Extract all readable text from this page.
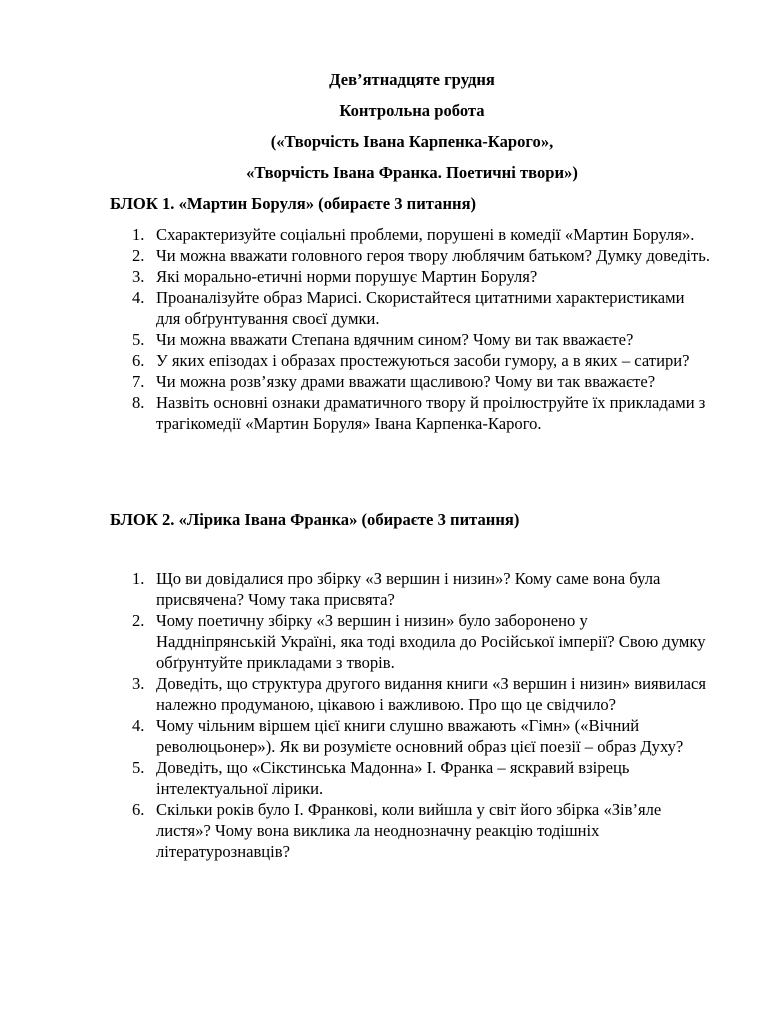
Дев’ятнадцяте грудня

Контрольна робота

(«Творчість Івана Карпенка-Карого»,

«Творчість Івана Франка. Поетичні твори»)

БЛОК 1. «Мартин Боруля» (обираєте 3 питання)

1. Схарактеризуйте соціальні проблеми, порушені в комедії «Мартин Боруля».
2. Чи можна вважати головного героя твору люблячим батьком? Думку доведіть.
3. Які морально-етичні норми порушує Мартин Боруля?
4. Проаналізуйте образ Марисі. Скористайтеся цитатними характеристиками для обґрунтування своєї думки.
5. Чи можна вважати Степана вдячним сином? Чому ви так вважаєте?
6. У яких епізодах і образах простежуються засоби гумору, а в яких – сатири?
7. Чи можна розв’язку драми вважати щасливою? Чому ви так вважаєте?
8. Назвіть основні ознаки драматичного твору й проілюструйте їх прикладами з трагікомедії «Мартин Боруля» Івана Карпенка-Карого.

БЛОК 2. «Лірика Івана Франка» (обираєте 3 питання)

1. Що ви довідалися про збірку «З вершин і низин»? Кому саме вона була присвячена? Чому така присвята?
2. Чому поетичну збірку «З вершин і низин» було заборонено у Наддніпрянській Україні, яка тоді входила до Російської імперії? Свою думку обґрунтуйте прикладами з творів.
3. Доведіть, що структура другого видання книги «З вершин і низин» виявилася належно продуманою, цікавою і важливою. Про що це свідчило?
4. Чому чільним віршем цієї книги слушно вважають «Гімн» («Вічний революцьонер»). Як ви розумієте основний образ цієї поезії – образ Духу?
5. Доведіть, що «Сікстинська Мадонна» І. Франка – яскравий взірець інтелектуальної лірики.
6. Скільки років було І. Франкові, коли вийшла у світ його збірка «Зів’яле листя»? Чому вона виклика ла неоднозначну реакцію тодішніх літературознавців?
